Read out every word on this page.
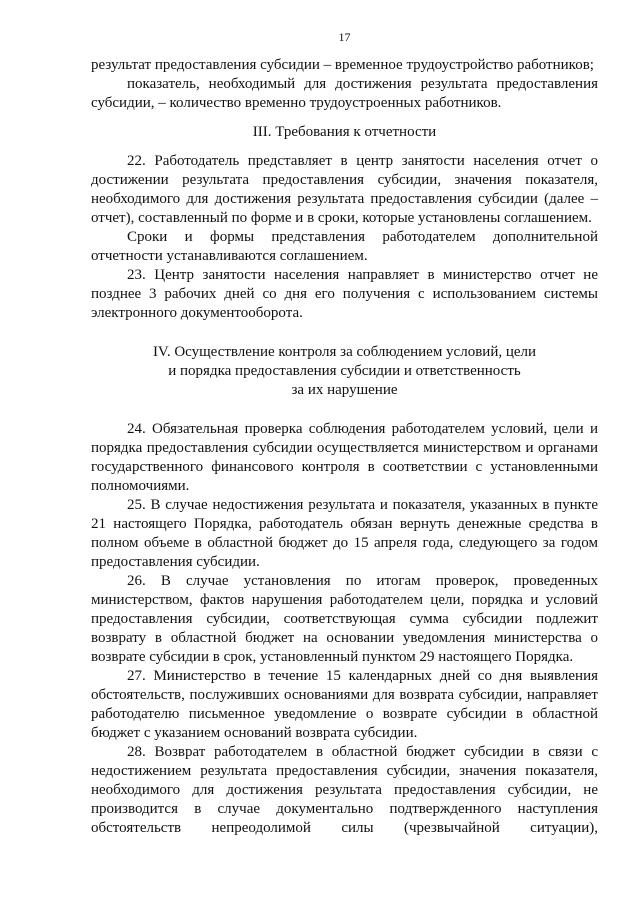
17

результат предоставления субсидии – временное трудоустройство работников;

показатель, необходимый для достижения результата предоставления субсидии, – количество временно трудоустроенных работников.

III. Требования к отчетности

22. Работодатель представляет в центр занятости населения отчет о достижении результата предоставления субсидии, значения показателя, необходимого для достижения результата предоставления субсидии (далее – отчет), составленный по форме и в сроки, которые установлены соглашением.

Сроки и формы представления работодателем дополнительной отчетности устанавливаются соглашением.

23. Центр занятости населения направляет в министерство отчет не позднее 3 рабочих дней со дня его получения с использованием системы электронного документооборота.

IV. Осуществление контроля за соблюдением условий, цели

и порядка предоставления субсидии и ответственность

за их нарушение

24. Обязательная проверка соблюдения работодателем условий, цели и порядка предоставления субсидии осуществляется министерством и органами государственного финансового контроля в соответствии с установленными полномочиями.

25. В случае недостижения результата и показателя, указанных в пункте 21 настоящего Порядка, работодатель обязан вернуть денежные средства в полном объеме в областной бюджет до 15 апреля года, следующего за годом предоставления субсидии.

26. В случае установления по итогам проверок, проведенных министерством, фактов нарушения работодателем цели, порядка и условий предоставления субсидии, соответствующая сумма субсидии подлежит возврату в областной бюджет на основании уведомления министерства о возврате субсидии в срок, установленный пунктом 29 настоящего Порядка.

27. Министерство в течение 15 календарных дней со дня выявления обстоятельств, послуживших основаниями для возврата субсидии, направляет работодателю письменное уведомление о возврате субсидии в областной бюджет с указанием оснований возврата субсидии.

28. Возврат работодателем в областной бюджет субсидии в связи с недостижением результата предоставления субсидии, значения показателя, необходимого для достижения результата предоставления субсидии, не производится в случае документально подтвержденного наступления обстоятельств непреодолимой силы (чрезвычайной ситуации),
